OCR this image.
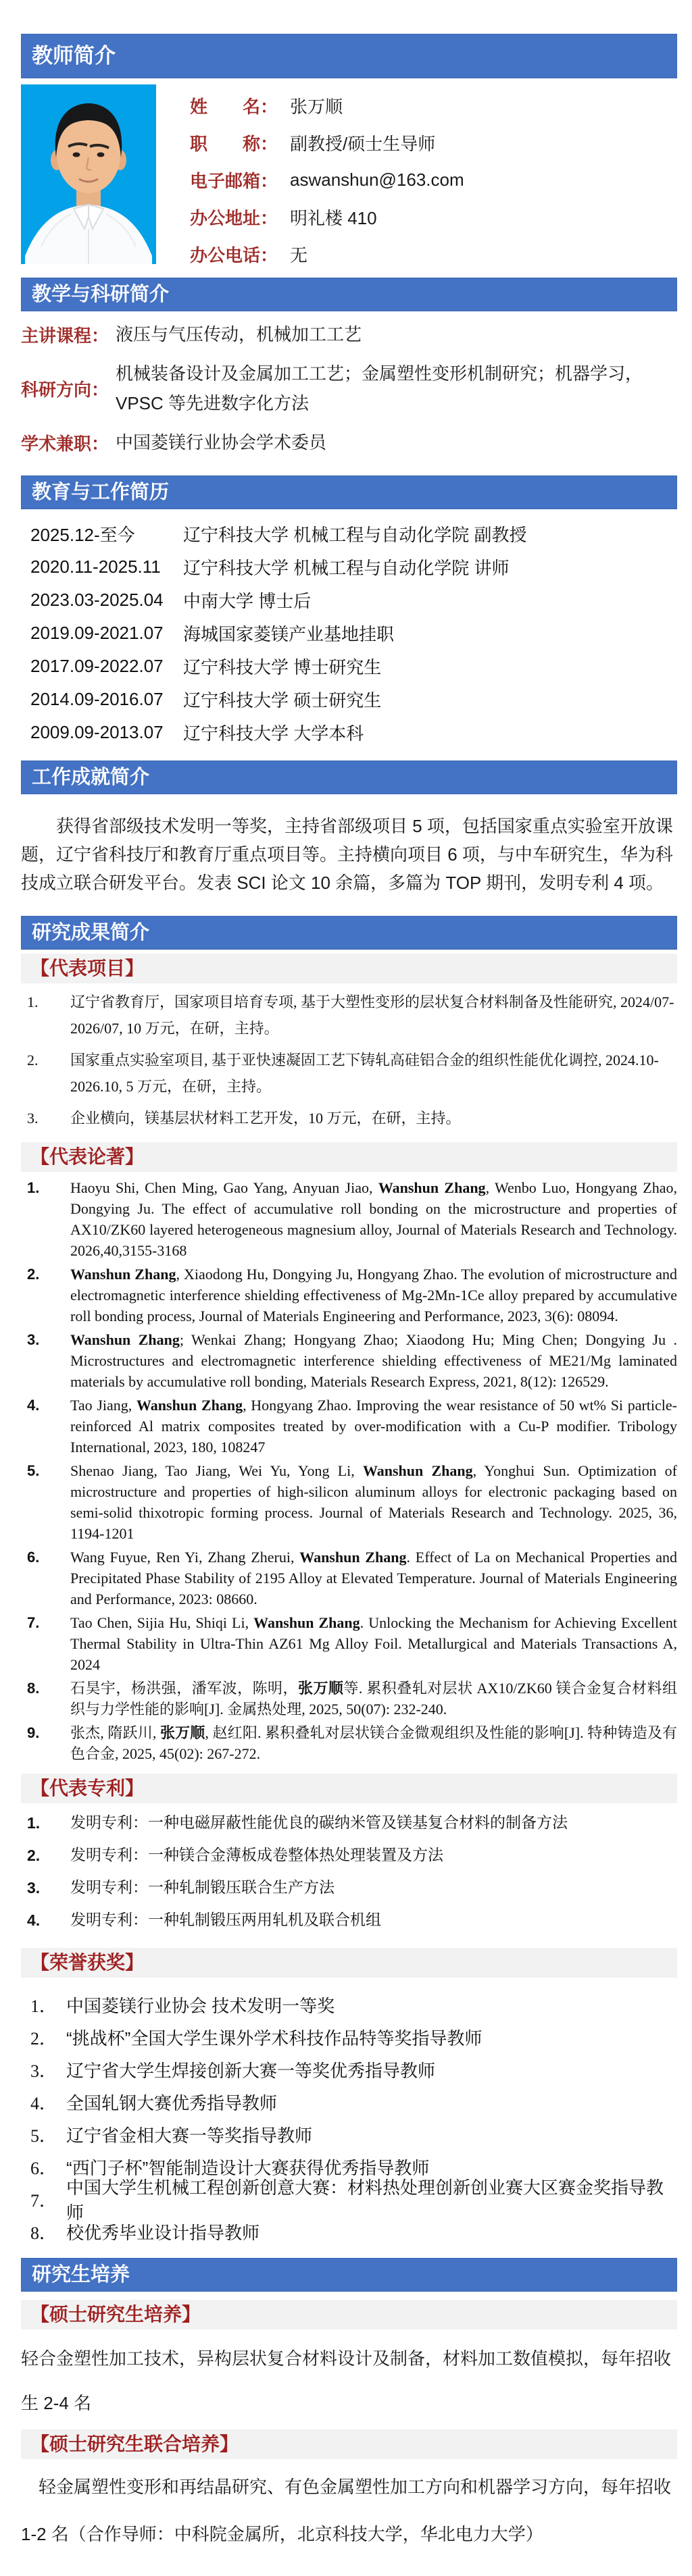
教师简介
姓　　名： 张万顺
职　　称： 副教授/硕士生导师
电子邮箱： aswanshun@163.com
办公地址： 明礼楼 410
办公电话： 无
教学与科研简介
主讲课程： 液压与气压传动，机械加工工艺
科研方向：
机械装备设计及金属加工工艺；金属塑性变形机制研究；机器学习，VPSC 等先进数字化方法
学术兼职： 中国菱镁行业协会学术委员
教育与工作简历
2025.12-至今	辽宁科技大学 机械工程与自动化学院 副教授
2020.11-2025.11	辽宁科技大学 机械工程与自动化学院 讲师
2023.03-2025.04	中南大学 博士后
2019.09-2021.07	海城国家菱镁产业基地挂职
2017.09-2022.07	辽宁科技大学 博士研究生
2014.09-2016.07	辽宁科技大学 硕士研究生
2009.09-2013.07	辽宁科技大学 大学本科
工作成就简介
获得省部级技术发明一等奖，主持省部级项目 5 项，包括国家重点实验室开放课题，辽宁省科技厅和教育厅重点项目等。主持横向项目 6 项，与中车研究生，华为科技成立联合研发平台。发表 SCI 论文 10 余篇，多篇为 TOP 期刊，发明专利 4 项。
研究成果简介
【代表项目】
1.	辽宁省教育厅，国家项目培育专项, 基于大塑性变形的层状复合材料制备及性能研究, 2024/07-2026/07, 10 万元，在研，主持。
2.	国家重点实验室项目, 基于亚快速凝固工艺下铸轧高硅铝合金的组织性能优化调控, 2024.10-2026.10, 5 万元，在研，主持。
3.	企业横向，镁基层状材料工艺开发，10 万元，在研，主持。
【代表论著】
1.	Haoyu Shi, Chen Ming, Gao Yang, Anyuan Jiao, Wanshun Zhang, Wenbo Luo, Hongyang Zhao, Dongying Ju. The effect of accumulative roll bonding on the microstructure and properties of AX10/ZK60 layered heterogeneous magnesium alloy, Journal of Materials Research and Technology. 2026,40,3155-3168
2.	Wanshun Zhang, Xiaodong Hu, Dongying Ju, Hongyang Zhao. The evolution of microstructure and electromagnetic interference shielding effectiveness of Mg-2Mn-1Ce alloy prepared by accumulative roll bonding process, Journal of Materials Engineering and Performance, 2023, 3(6): 08094.
3.	Wanshun Zhang; Wenkai Zhang; Hongyang Zhao; Xiaodong Hu; Ming Chen; Dongying Ju . Microstructures and electromagnetic interference shielding effectiveness of ME21/Mg laminated materials by accumulative roll bonding, Materials Research Express, 2021, 8(12): 126529.
4.	Tao Jiang, Wanshun Zhang, Hongyang Zhao. Improving the wear resistance of 50 wt% Si particle-reinforced Al matrix composites treated by over-modification with a Cu-P modifier. Tribology International, 2023, 180, 108247
5.	Shenao Jiang, Tao Jiang, Wei Yu, Yong Li, Wanshun Zhang, Yonghui Sun. Optimization of microstructure and properties of high-silicon aluminum alloys for electronic packaging based on semi-solid thixotropic forming process. Journal of Materials Research and Technology. 2025, 36, 1194-1201
6.	Wang Fuyue, Ren Yi, Zhang Zherui, Wanshun Zhang. Effect of La on Mechanical Properties and Precipitated Phase Stability of 2195 Alloy at Elevated Temperature. Journal of Materials Engineering and Performance, 2023: 08660.
7.	Tao Chen, Sijia Hu, Shiqi Li, Wanshun Zhang. Unlocking the Mechanism for Achieving Excellent Thermal Stability in Ultra-Thin AZ61 Mg Alloy Foil. Metallurgical and Materials Transactions A, 2024
8.	石昊宇，杨洪强，潘军波，陈明，张万顺等. 累积叠轧对层状 AX10/ZK60 镁合金复合材料组织与力学性能的影响[J]. 金属热处理, 2025, 50(07): 232-240.
9.	张杰, 隋跃川, 张万顺, 赵红阳. 累积叠轧对层状镁合金微观组织及性能的影响[J]. 特种铸造及有色合金, 2025, 45(02): 267-272.
【代表专利】
1.	发明专利：一种电磁屏蔽性能优良的碳纳米管及镁基复合材料的制备方法
2.	发明专利：一种镁合金薄板成卷整体热处理装置及方法
3.	发明专利：一种轧制锻压联合生产方法
4.	发明专利：一种轧制锻压两用轧机及联合机组
【荣誉获奖】
1． 中国菱镁行业协会 技术发明一等奖
2． “挑战杯”全国大学生课外学术科技作品特等奖指导教师
3． 辽宁省大学生焊接创新大赛一等奖优秀指导教师
4． 全国轧钢大赛优秀指导教师
5． 辽宁省金相大赛一等奖指导教师
6． “西门子杯”智能制造设计大赛获得优秀指导教师
7．
中国大学生机械工程创新创意大赛：材料热处理创新创业赛大区赛金奖指导教师
8． 校优秀毕业设计指导教师
研究生培养
【硕士研究生培养】
轻合金塑性加工技术，异构层状复合材料设计及制备，材料加工数值模拟，每年招收生 2-4 名
【硕士研究生联合培养】
轻金属塑性变形和再结晶研究、有色金属塑性加工方向和机器学习方向，每年招收 1-2 名（合作导师：中科院金属所，北京科技大学，华北电力大学）
